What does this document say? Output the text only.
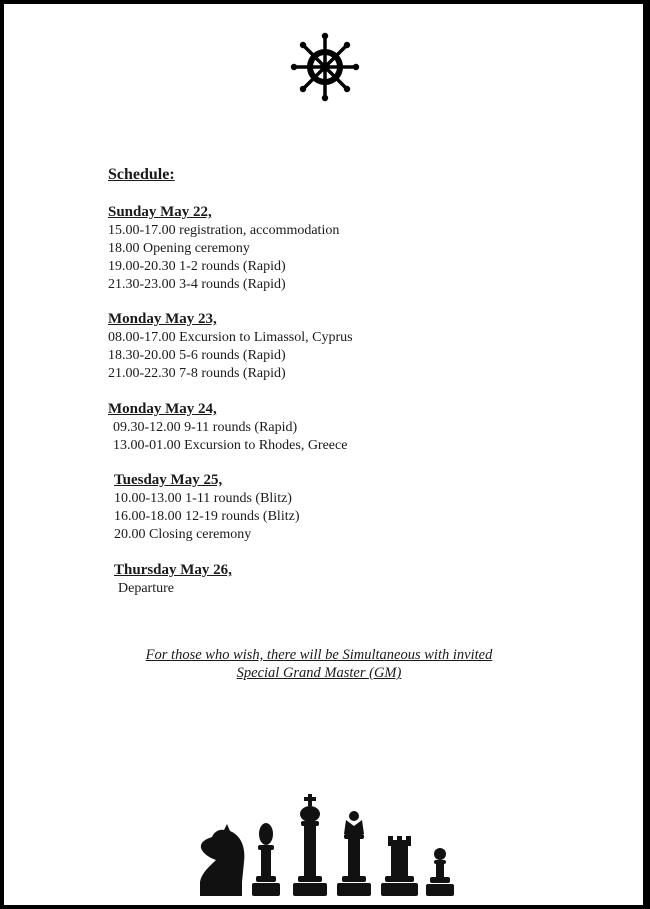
Schedule:
Sunday May 22,
15.00-17.00 registration, accommodation
18.00 Opening ceremony
19.00-20.30 1-2 rounds (Rapid)
21.30-23.00 3-4 rounds (Rapid)
Monday May 23,
08.00-17.00 Excursion to Limassol, Cyprus
18.30-20.00 5-6 rounds (Rapid)
21.00-22.30 7-8 rounds (Rapid)
Monday May 24,
09.30-12.00 9-11 rounds (Rapid)
13.00-01.00 Excursion to Rhodes, Greece
Tuesday May 25,
10.00-13.00 1-11 rounds (Blitz)
16.00-18.00 12-19 rounds (Blitz)
20.00 Closing ceremony
Thursday May 26,
Departure
For those who wish, there will be Simultaneous with invited
Special Grand Master (GM)
